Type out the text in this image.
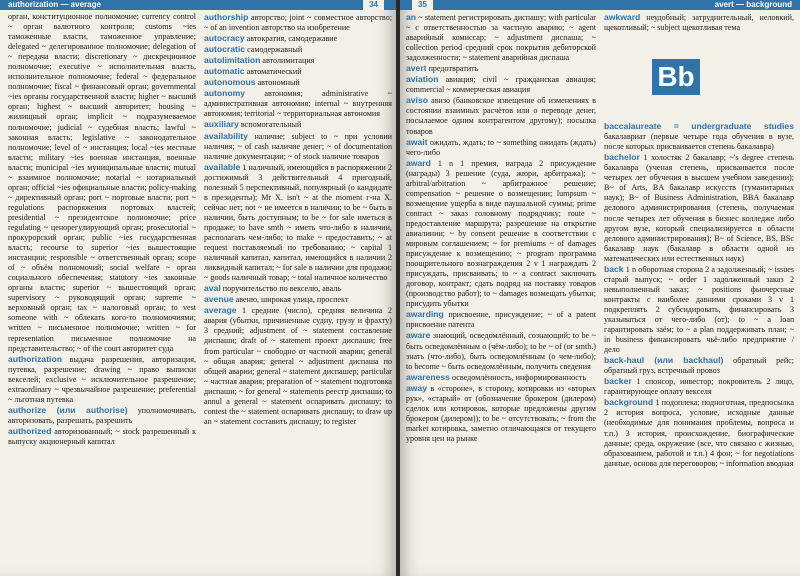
authorization — average	34

орган, конституционное полномочие; currency control ~ орган валютного контроля; customs ~ies таможенные власти, таможенное управление; delegated ~ делегированное полномочие; delegation of ~ передача власти; discretionary ~ дискреционное полномочие; executive ~ исполнительная власть, исполнительное полномочие; federal ~ федеральное полномочие; fiscal ~ финансовый орган; governmental ~ies органы государственной власти; higher ~ высший орган; highest ~ высший авторитет; housing ~ жилищный орган; implicit ~ подразумеваемое полномочие; judicial ~ судебная власть; lawful ~ законная власть; legislative ~ законодательное полномочие; level of ~ инстанция; local ~ies местные власти; military ~ies военная инстанция, военные власти; municipal ~ies муниципальные власти; mutual ~ взаимное полномочие; notarial ~ нотариальный орган; official ~ies официальные власти; policy-making ~ директивный орган; port ~ портовые власти; port ~ regulations распоряжения портовых властей; presidential ~ президентское полномочие; price regulating ~ ценорегулирующий орган; prosecutorial ~ прокурорский орган; public ~ies государственная власть; recourse to superior ~ies вышестоящие инстанции; responsible ~ ответственный орган; scope of ~ объём полномочий; social welfare ~ орган социального обеспечения; statutory ~ies законные органы власти; superior ~ вышестоящий орган; supervisory ~ руководящий орган; supreme ~ верховный орган; tax ~ налоговый орган; to vest someone with ~ облекать кого-то полномочиями; written ~ письменное полномочие; written ~ for representation письменное полномочие на представительство; ~ of the court авторитет суда

authorization выдача разрешения, авторизация, путевка, разрешение; drawing ~ право выписки векселей; exclusive ~ исключительное разрешение; extraordinary ~ чрезвычайное разрешение; preferential ~ льготная путевка

authorize (или authorise) уполномочивать, авторизовать, разрешать, разрешить

authorized авторизованный; ~ stock разрешенный к выпуску акционерный капитал

authorship авторство; joint ~ совместное авторство; ~ of an invention авторство на изобретение

autocracy автократия, самодержавие

autocratic самодержавный

autolimitation автолимитация

automatic автоматический

autonomous автономный

autonomy автономия; administrative ~ административная автономия; internal ~ внутренняя автономия; territorial ~ территориальная автономия

auxiliary вспомогательный

availability наличие; subject to ~ при условии наличия; ~ of cash наличие денег; ~ of documentation наличие документации; ~ of stock наличие товаров

available 1 наличный, имеющийся в распоряжении 2 достижимый 3 действительный 4 пригодный, полезный 5 перспективный, популярный (о кандидате в президенты); Mr X. isn't ~ at the moment г-на X. сейчас нет; not ~ не имеется в наличии; to be ~ быть в наличии, быть доступным; to be ~ for sale иметься в продаже; to have smth ~ иметь что-либо в наличии, располагать чем-либо; to make ~ предоставить; ~ at request поставляемый по требованию; ~ capital 1 наличный капитал, капитал, имеющийся в наличии 2 ликвидный капитал; ~ for sale в наличии для продажи; ~ goods наличный товар; ~ total наличное количество

aval поручительство по векселю, аваль

avenue авеню, широкая улица, проспект

average 1 средние (число), средняя величина 2 авария (убытки, причиненные судну, грузу и фрахту) 3 средний; adjustment of ~ statement составление диспаши; draft of ~ statement проект диспаши; free from particular ~ свободно от частной аварии; general ~ общая авария; general ~ adjustment диспаша по общей аварии; general ~ statement диспашер; particular ~ частная авария; preparation of ~ statement подготовка диспаши; ~ for general ~ statements реестр диспаши; to annul a general ~ statement оспаривать диспашу; to contest the ~ statement оспаривать диспашу; to draw up an ~ statement составить диспашу; to register

35	avert — background

an ~ statement регистрировать диспашу; with particular ~ с ответственностью за частную аварию; ~ agent аварийный комиссар; ~ adjustment диспаша; ~ collection period средний срок покрытия дебиторской задолженности; ~ statement аварийная диспаша

avert предотвратить

aviation авиация; civil ~ гражданская авиация; commercial ~ коммерческая авиация

aviso авизо (банковское извещение об изменениях в состоянии взаимных расчётов или о переводе денег, посылаемое одним контрагентом другому); посылка товаров

await ожидать, ждать; to ~ something ожидать (ждать) чего-либо

award 1 n 1 премия, награда 2 присуждение (награды) 3 решение (суда, жюри, арбитража); ~ arbitral/arbitration ~ арбитражное решение; compensation ~ решение о возмещении; lumpsum ~ возмещение ущерба в виде паушальной суммы; prime contract ~ заказ головному подрядчику; route ~ предоставление маршрута; разрешение на открытие авиалинии; ~ by consent решение в соответствии с мировым соглашением; ~ for premiums ~ of damages присуждение к возмещению; ~ program программа поощрительного вознаграждения 2 v 1 награждать 2 присуждать, присваивать; to ~ a contract заключать договор, контракт; сдать подряд на поставку товаров (производство работ); to ~ damages возмещать убытки; присудить убытки

awarding присвоение, присуждение; ~ of a patent присвоение патента

aware знающий, осведомлённый, сознающий; to be ~ быть осведомлённым о (чём-либо); to be ~ of (or smth.) знать (что-либо), быть осведомлённым (о чем-либо); to become ~ быть осведомлённым, получить сведения

awareness осведомлённость, информированность

away в «стороне», в сторону, котировки из «вторых рук», «старый» от (обозначение брокером (дилером) сделок или котировок, которые предложены другим брокером (дилером)); to be ~ отсутствовать; ~ from the market котировка, заметно отличающаяся от текущего уровня цен на рынке

awkward неудобный; затруднительный, неловкий, щекотливый; ~ subject щекотливая тема

Bb

baccalaureate = undergraduate studies бакалавриат (первые четыре года обучения в вузе, после которых присваивается степень бакалавра)

bachelor 1 холостяк 2 бакалавр; ~'s degree степень бакалавра (ученая степень, присваивается после четырех лет обучения в высшем учебном заведении); B~ of Arts, BA бакалавр искусств (гуманитарных наук); B~ of Business Administration, BBA бакалавр делового администрирования (степень, получаемая после четырех лет обучения в бизнес колледже либо другом вузе, который специализируется в области делового администрирования); B~ of Science, BS, BSc бакалавр наук (бакалавр в области одной из математических или естественных наук)

back 1 n оборотная сторона 2 a задолженный; ~ issues старый выпуск; ~ order 1 задолженный заказ 2 невыполненный заказ; ~ positions фьючерсные контракты с наиболее давними сроками 3 v 1 подкреплять 2 субсидировать, финансировать 3 указываться от чего-либо (от); to ~ a loan гарантировать заём; to ~ a plan поддерживать план; ~ in business финансировать чьё-либо предприятие / дело

back-haul (или backhaul) обратный рейс; обратный груз, встречный провоз

backer 1 спонсор, инвестор; покровитель 2 лицо, гарантирующее оплату векселя

background 1 подоплека; подноготная, предпосылка 2 история вопроса, условие, исходные данные (необходимые для понимания проблемы, вопроса и т.п.) 3 история, происхождение, биографические данные; среда, окружение (все, что связано с жизнью, образованием, работой и т.п.) 4 фон; ~ for negotiations данные, основа для переговоров; ~ information вводная
